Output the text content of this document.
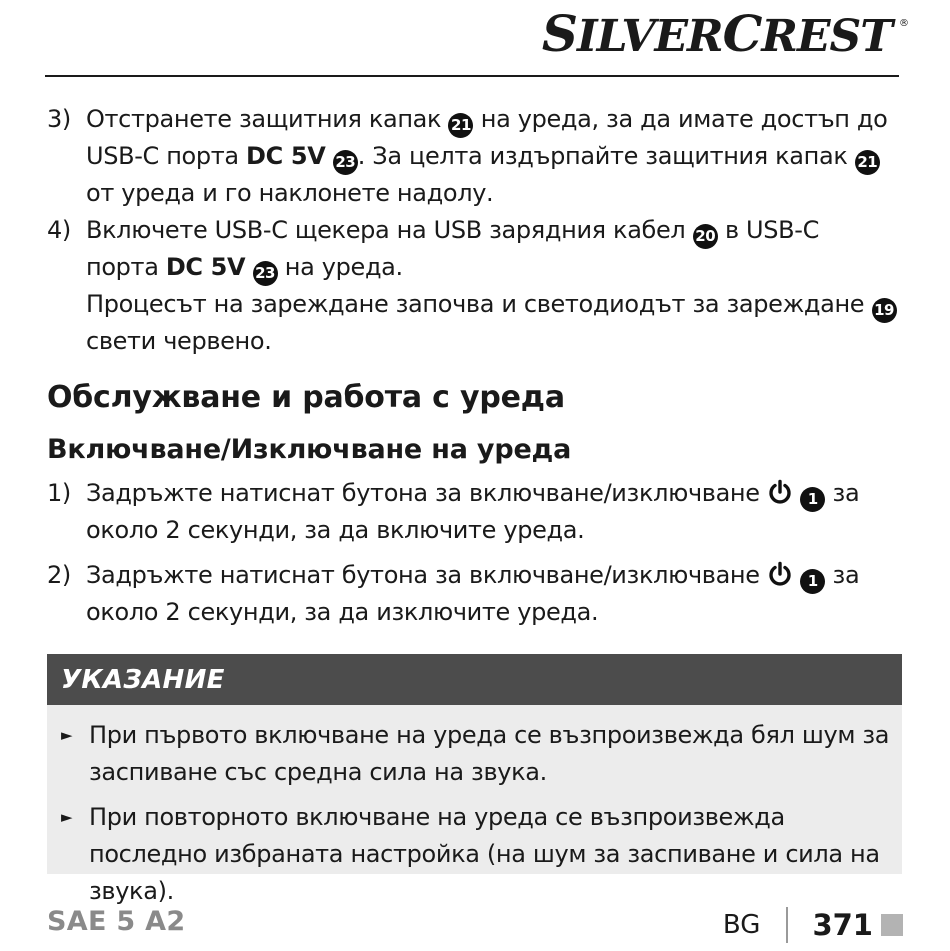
SILVERCREST ®
3) Отстранете защитния капак 21 на уреда, за да имате достъп до USB-C порта DC 5V 23 . За целта издърпайте защитния капак 21 от уреда и го наклонете надолу.
4) Включете USB-C щекера на USB зарядния кабел 20 в USB-C порта DC 5V 23 на уреда.
Процесът на зареждане започва и светодиодът за зареждане 19 свети червено.
Обслужване и работа с уреда
Включване/Изключване на уреда
1) Задръжте натиснат бутона за включване/изключване	1 за около 2 секунди, за да включите уреда.
2) Задръжте натиснат бутона за включване/изключване	1 за около 2 секунди, за да изключите уреда.
УКАЗАНИЕ
► При първото включване на уреда се възпроизвежда бял шум за заспиване със средна сила на звука.
► При повторното включване на уреда се възпроизвежда последно избраната настройка (на шум за заспиване и сила на звука).
SAE 5 A2	BG 371
